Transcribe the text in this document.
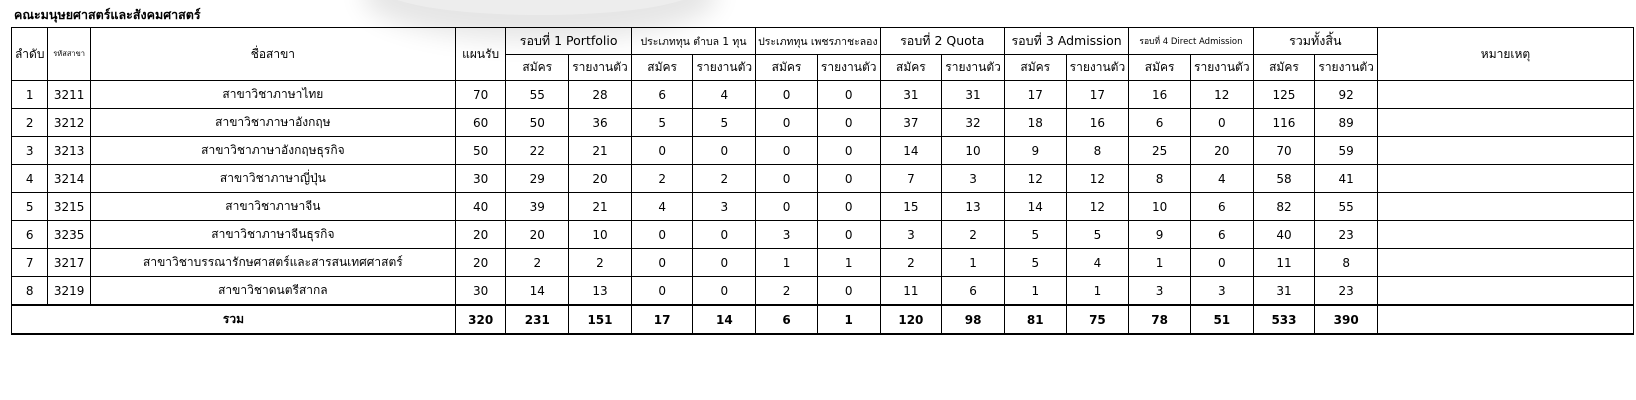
คณะมนุษยศาสตร์และสังคมศาสตร์
ลำดับ	รหัสสาขา	ชื่อสาขา	แผนรับ	รอบที่ 1 Portfolio		ประเภททุน ตำบล 1 ทุน		ประเภททุน เพชรภาชะลอง		รอบที่ 2 Quota		รอบที่ 3 Admission		รอบที่ 4 Direct Admission		รวมทั้งสิ้น		หมายเหตุ
				สมัคร	รายงานตัว	สมัคร	รายงานตัว	สมัคร	รายงานตัว	สมัคร	รายงานตัว	สมัคร	รายงานตัว	สมัคร	รายงานตัว	สมัคร	รายงานตัว	
1	3211	สาขาวิชาภาษาไทย	70	55	28	6	4	0	0	31	31	17	17	16	12	125	92	
2	3212	สาขาวิชาภาษาอังกฤษ	60	50	36	5	5	0	0	37	32	18	16	6	0	116	89	
3	3213	สาขาวิชาภาษาอังกฤษธุรกิจ	50	22	21	0	0	0	0	14	10	9	8	25	20	70	59	
4	3214	สาขาวิชาภาษาญี่ปุ่น	30	29	20	2	2	0	0	7	3	12	12	8	4	58	41	
5	3215	สาขาวิชาภาษาจีน	40	39	21	4	3	0	0	15	13	14	12	10	6	82	55	
6	3235	สาขาวิชาภาษาจีนธุรกิจ	20	20	10	0	0	3	0	3	2	5	5	9	6	40	23	
7	3217	สาขาวิชาบรรณารักษศาสตร์และสารสนเทศศาสตร์	20	2	2	0	0	1	1	2	1	5	4	1	0	11	8	
8	3219	สาขาวิชาดนตรีสากล	30	14	13	0	0	2	0	11	6	1	1	3	3	31	23	
รวม			320	231	151	17	14	6	1	120	98	81	75	78	51	533	390	
